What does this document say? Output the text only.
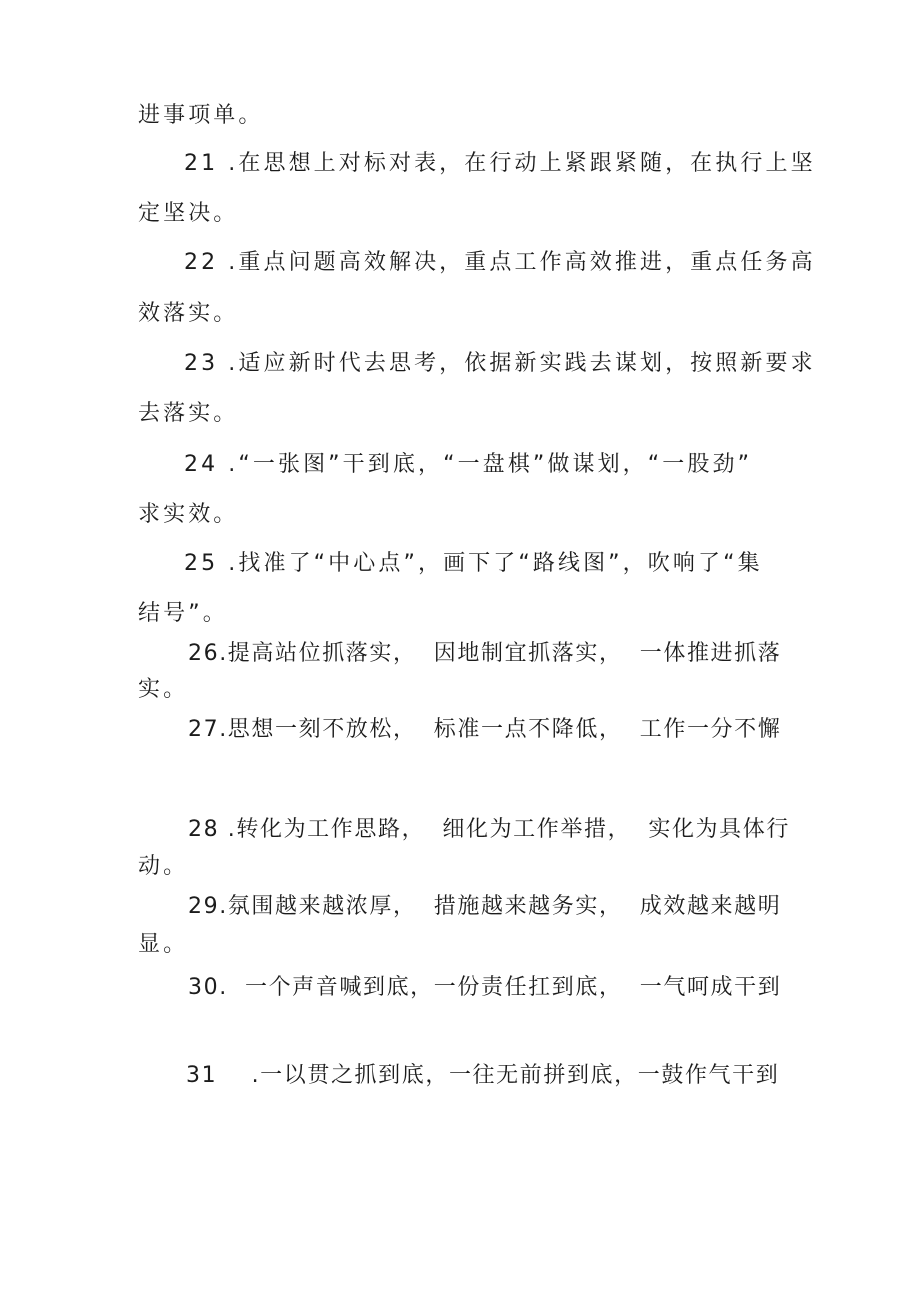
进事项单。
21 .在思想上对标对表，在行动上紧跟紧随，在执行上坚
定坚决。
22 .重点问题高效解决，重点工作高效推进，重点任务高
效落实。
23 .适应新时代去思考，依据新实践去谋划，按照新要求
去落实。
24 .“一张图”干到底，“一盘棋”做谋划，“一股劲”
求实效。
25 .找准了“中心点”，画下了“路线图”，吹响了“集
结号”。
26.提高站位抓落实，  因地制宜抓落实，  一体推进抓落
实。
27.思想一刻不放松，  标准一点不降低，  工作一分不懈
28 .转化为工作思路，  细化为工作举措，  实化为具体行
动。
29.氛围越来越浓厚，  措施越来越务实，  成效越来越明
显。
30.  一个声音喊到底，一份责任扛到底，  一气呵成干到
31    .一以贯之抓到底，一往无前拼到底，一鼓作气干到
